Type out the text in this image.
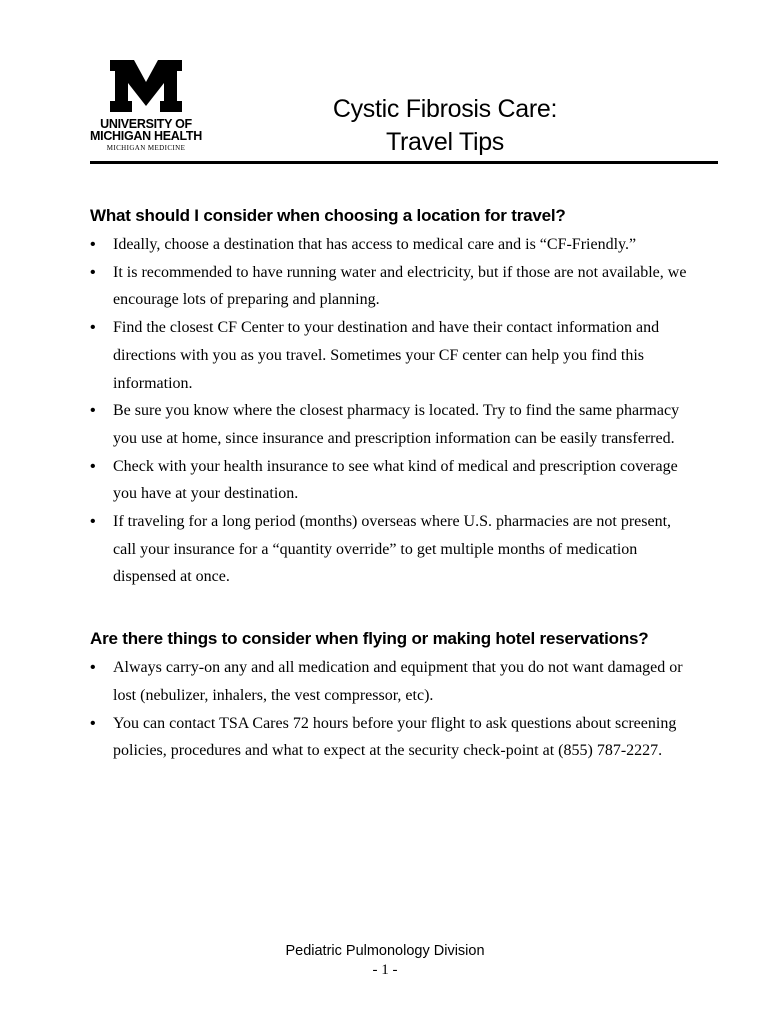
UNIVERSITY OF
MICHIGAN HEALTH
MICHIGAN MEDICINE
Cystic Fibrosis Care:
Travel Tips
What should I consider when choosing a location for travel?
• Ideally, choose a destination that has access to medical care and is “CF-Friendly.”
• It is recommended to have running water and electricity, but if those are not available, we encourage lots of preparing and planning.
• Find the closest CF Center to your destination and have their contact information and directions with you as you travel. Sometimes your CF center can help you find this information.
• Be sure you know where the closest pharmacy is located. Try to find the same pharmacy you use at home, since insurance and prescription information can be easily transferred.
• Check with your health insurance to see what kind of medical and prescription coverage you have at your destination.
• If traveling for a long period (months) overseas where U.S. pharmacies are not present, call your insurance for a “quantity override” to get multiple months of medication dispensed at once.
Are there things to consider when flying or making hotel reservations?
• Always carry-on any and all medication and equipment that you do not want damaged or lost (nebulizer, inhalers, the vest compressor, etc).
• You can contact TSA Cares 72 hours before your flight to ask questions about screening policies, procedures and what to expect at the security check-point at (855) 787-2227.
Pediatric Pulmonology Division
- 1 -
